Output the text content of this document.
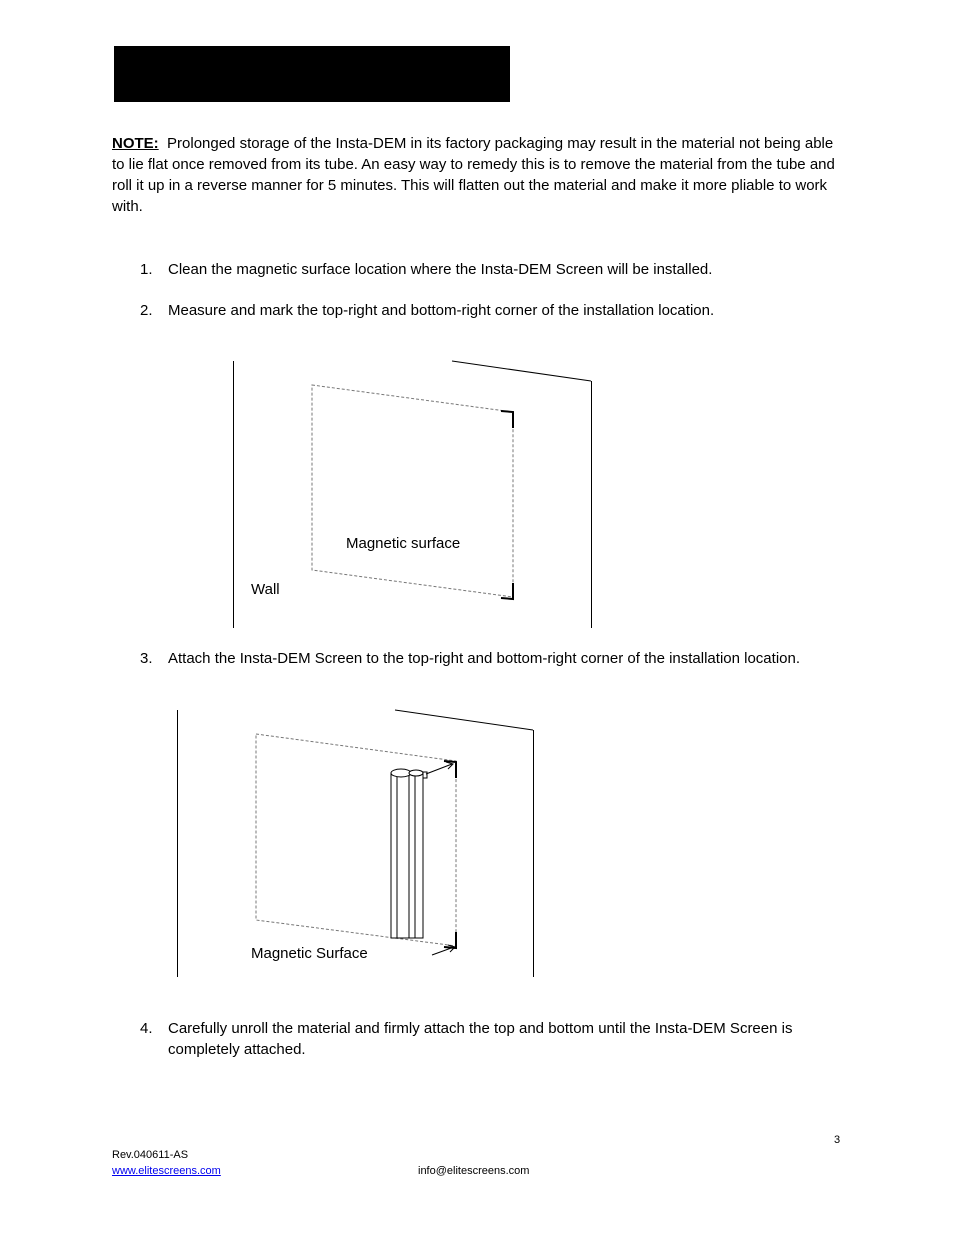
NOTE: Prolonged storage of the Insta-DEM in its factory packaging may result in the material not being able to lie flat once removed from its tube. An easy way to remedy this is to remove the material from the tube and roll it up in a reverse manner for 5 minutes. This will flatten out the material and make it more pliable to work with.
1.	Clean the magnetic surface location where the Insta-DEM Screen will be installed.
2.	Measure and mark the top-right and bottom-right corner of the installation location.
Magnetic surface
Wall
3.	Attach the Insta-DEM Screen to the top-right and bottom-right corner of the installation location.
Magnetic Surface
4.	Carefully unroll the material and firmly attach the top and bottom until the Insta-DEM Screen is completely attached.
3
Rev.040611-AS
www.elitescreens.com	info@elitescreens.com
